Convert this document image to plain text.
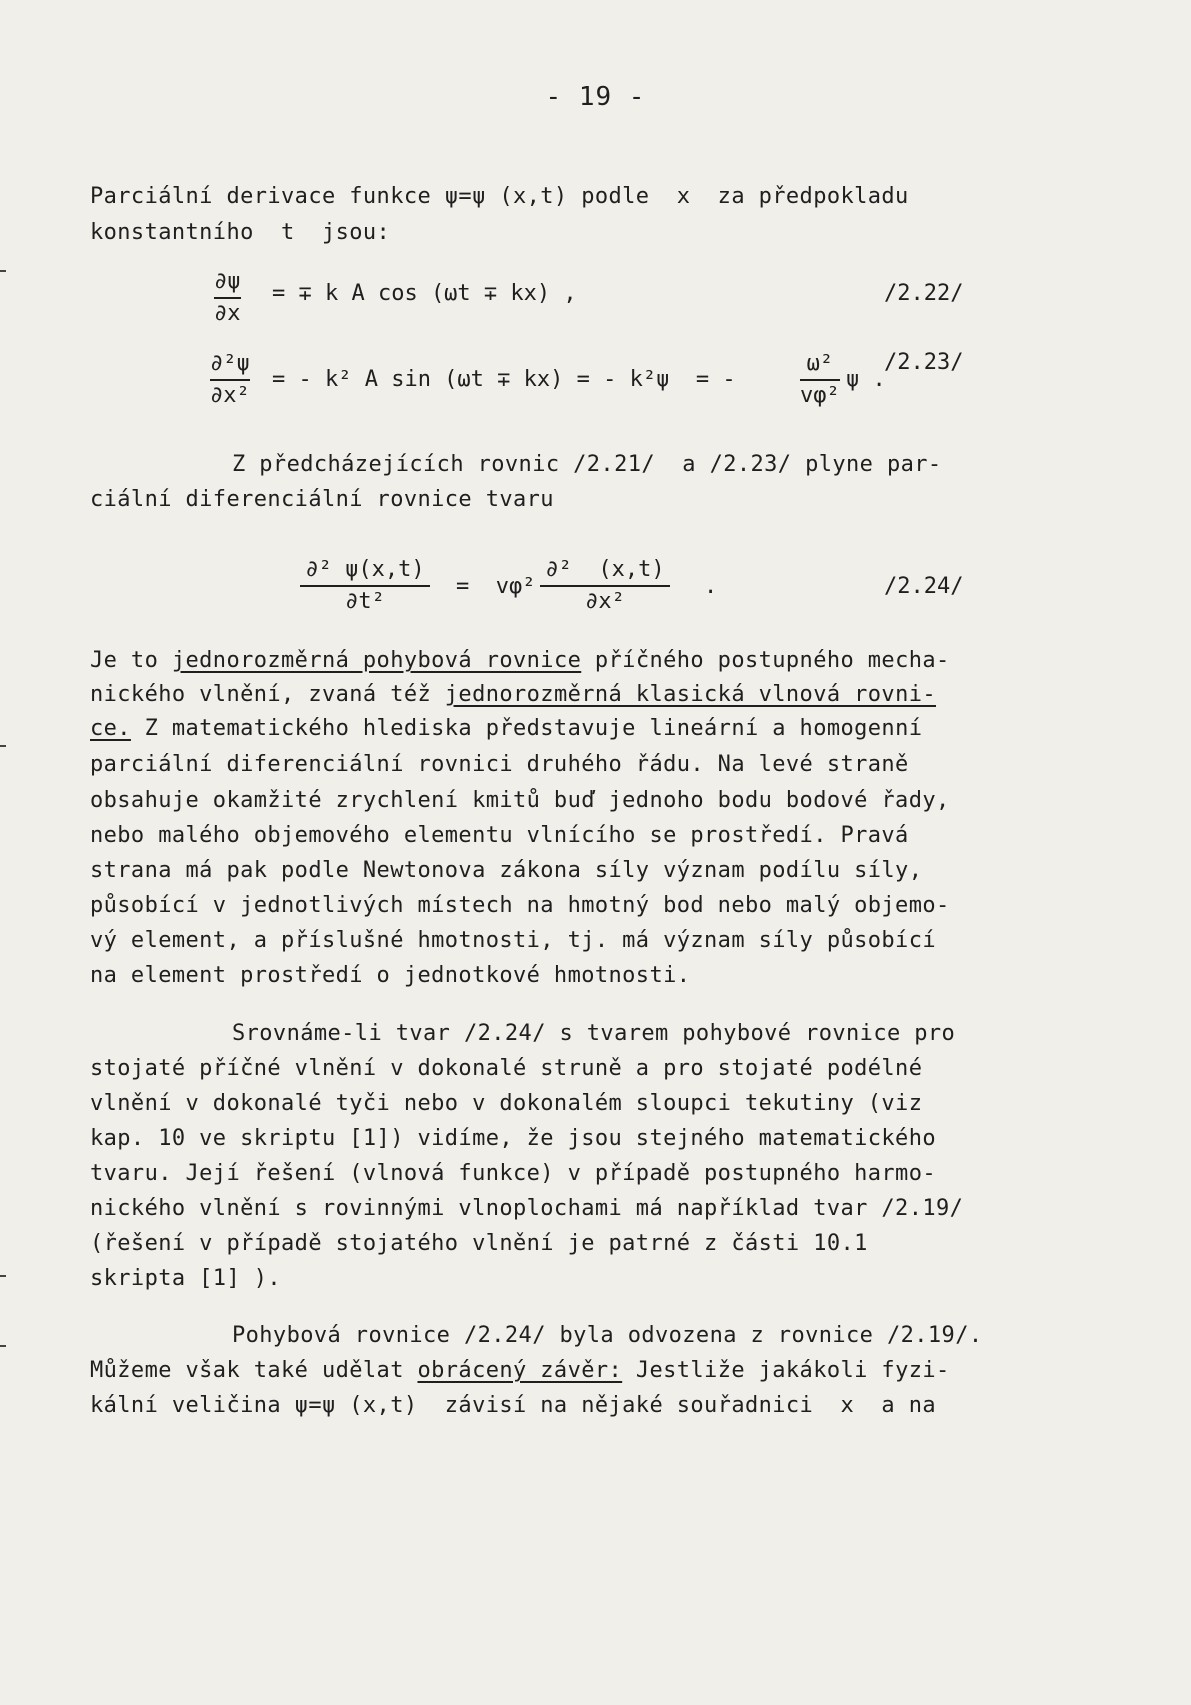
- 19 -
Parciální derivace funkce ψ=ψ (x,t) podle  x  za předpokladu
konstantního  t  jsou:
∂ψ
∂x
= ∓ k A cos (ωt ∓ kx) ,	/2.22/
∂²ψ
∂x²
= - k² A sin (ωt ∓ kx) = - k²ψ  = -
ω²
vφ²
ψ .
/2.23/
Z předcházejících rovnic /2.21/  a /2.23/ plyne par-
ciální diferenciální rovnice tvaru
∂² ψ(x,t)
∂t²
=  vφ²
∂²  (x,t)
∂x²
.	/2.24/
Je to jednorozměrná pohybová rovnice příčného postupného mecha-
nického vlnění, zvaná též jednorozměrná klasická vlnová rovni-
ce. Z matematického hlediska představuje lineární a homogenní
parciální diferenciální rovnici druhého řádu. Na levé straně
obsahuje okamžité zrychlení kmitů buď jednoho bodu bodové řady,
nebo malého objemového elementu vlnícího se prostředí. Pravá
strana má pak podle Newtonova zákona síly význam podílu síly,
působící v jednotlivých místech na hmotný bod nebo malý objemo-
vý element, a příslušné hmotnosti, tj. má význam síly působící
na element prostředí o jednotkové hmotnosti.
Srovnáme-li tvar /2.24/ s tvarem pohybové rovnice pro
stojaté příčné vlnění v dokonalé struně a pro stojaté podélné
vlnění v dokonalé tyči nebo v dokonalém sloupci tekutiny (viz
kap. 10 ve skriptu [1]) vidíme, že jsou stejného matematického
tvaru. Její řešení (vlnová funkce) v případě postupného harmo-
nického vlnění s rovinnými vlnoplochami má například tvar /2.19/
(řešení v případě stojatého vlnění je patrné z části 10.1
skripta [1] ).
Pohybová rovnice /2.24/ byla odvozena z rovnice /2.19/.
Můžeme však také udělat obrácený závěr: Jestliže jakákoli fyzi-
kální veličina ψ=ψ (x,t)  závisí na nějaké souřadnici  x  a na
